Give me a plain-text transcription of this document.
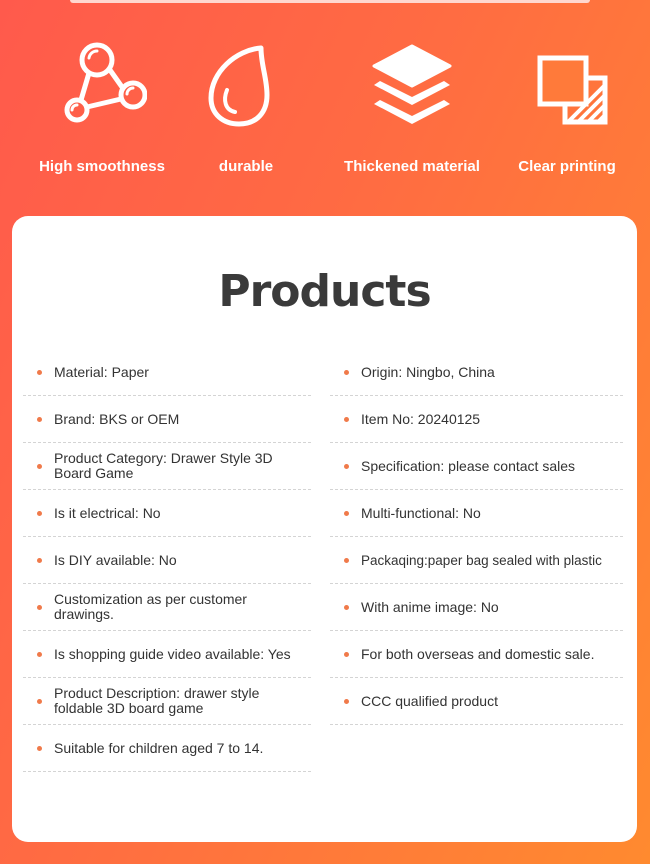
High smoothness	durable	Thickened material	Clear printing
Products
Material: Paper
Brand: BKS or OEM
Product Category: Drawer Style 3D Board Game
Is it electrical: No
Is DIY available: No
Customization as per customer drawings.
Is shopping guide video available: Yes
Product Description: drawer style foldable 3D board game
Suitable for children aged 7 to 14.
Origin: Ningbo, China
Item No: 20240125
Specification: please contact sales
Multi-functional: No
Packaqing:paper bag sealed with plastic
With anime image: No
For both overseas and domestic sale.
CCC qualified product
